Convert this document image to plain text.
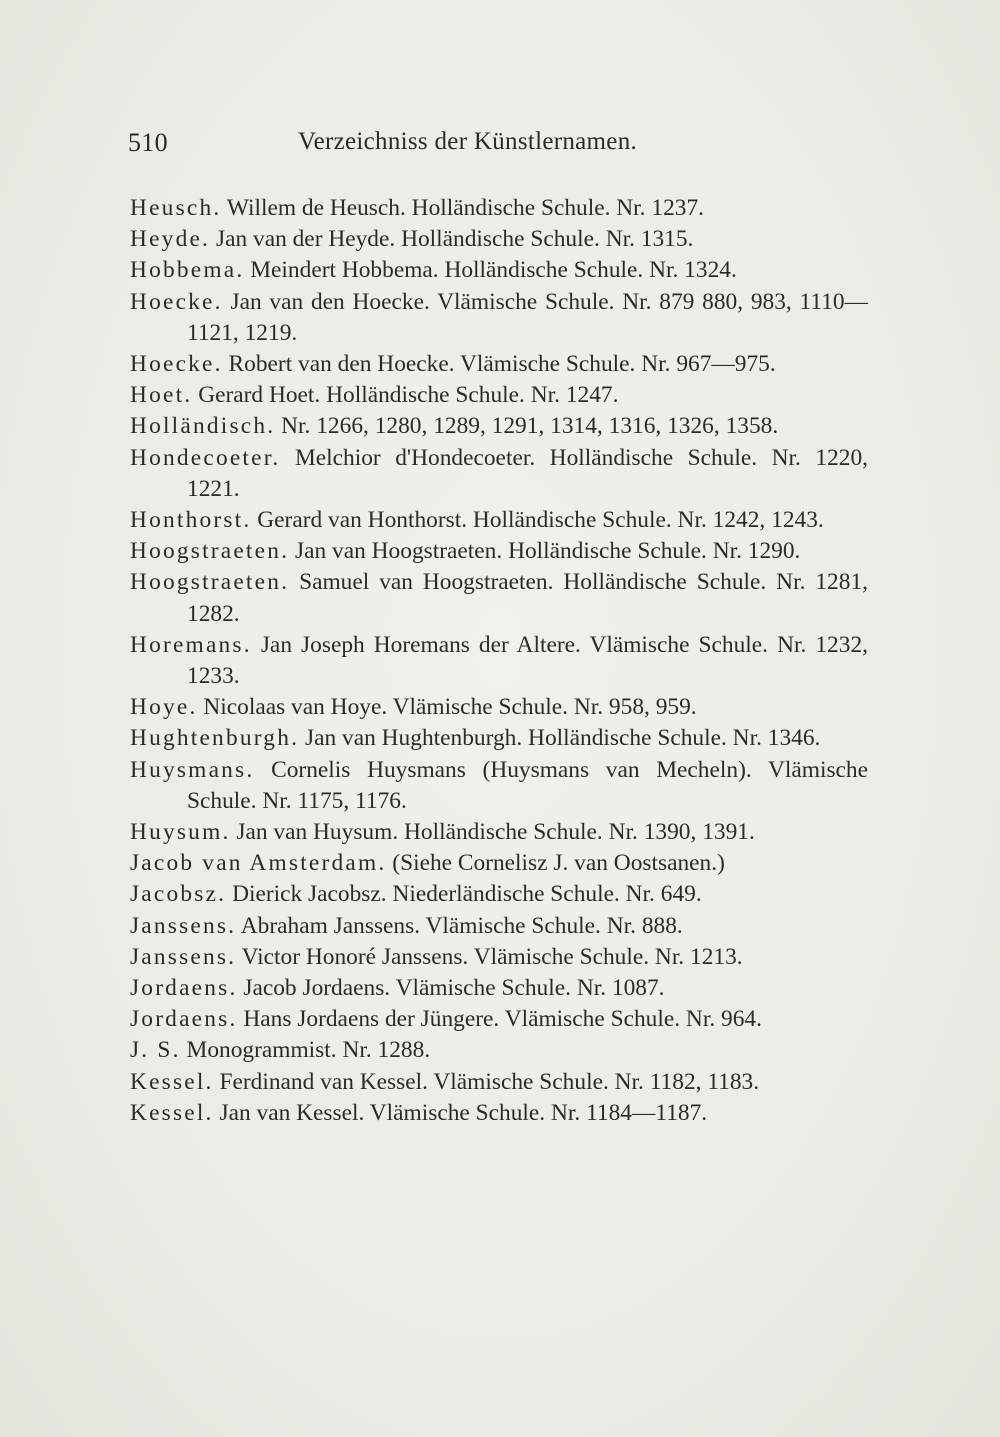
510	Verzeichniss der Künstlernamen.

Heusch. Willem de Heusch. Holländische Schule. Nr. 1237.

Heyde. Jan van der Heyde. Holländische Schule. Nr. 1315.

Hobbema. Meindert Hobbema. Holländische Schule. Nr. 1324.

Hoecke. Jan van den Hoecke. Vlämische Schule. Nr. 879 880, 983, 1110—1121, 1219.

Hoecke. Robert van den Hoecke. Vlämische Schule. Nr. 967—975.

Hoet. Gerard Hoet. Holländische Schule. Nr. 1247.

Holländisch. Nr. 1266, 1280, 1289, 1291, 1314, 1316, 1326, 1358.

Hondecoeter. Melchior d'Hondecoeter. Holländische Schule. Nr. 1220, 1221.

Honthorst. Gerard van Honthorst. Holländische Schule. Nr. 1242, 1243.

Hoogstraeten. Jan van Hoogstraeten. Holländische Schule. Nr. 1290.

Hoogstraeten. Samuel van Hoogstraeten. Holländische Schule. Nr. 1281, 1282.

Horemans. Jan Joseph Horemans der Altere. Vlämische Schule. Nr. 1232, 1233.

Hoye. Nicolaas van Hoye. Vlämische Schule. Nr. 958, 959.

Hughtenburgh. Jan van Hughtenburgh. Holländische Schule. Nr. 1346.

Huysmans. Cornelis Huysmans (Huysmans van Mecheln). Vlämische Schule. Nr. 1175, 1176.

Huysum. Jan van Huysum. Holländische Schule. Nr. 1390, 1391.

Jacob van Amsterdam. (Siehe Cornelisz J. van Oostsanen.)

Jacobsz. Dierick Jacobsz. Niederländische Schule. Nr. 649.

Janssens. Abraham Janssens. Vlämische Schule. Nr. 888.

Janssens. Victor Honoré Janssens. Vlämische Schule. Nr. 1213.

Jordaens. Jacob Jordaens. Vlämische Schule. Nr. 1087.

Jordaens. Hans Jordaens der Jüngere. Vlämische Schule. Nr. 964.

J. S. Monogrammist. Nr. 1288.

Kessel. Ferdinand van Kessel. Vlämische Schule. Nr. 1182, 1183.

Kessel. Jan van Kessel. Vlämische Schule. Nr. 1184—1187.
